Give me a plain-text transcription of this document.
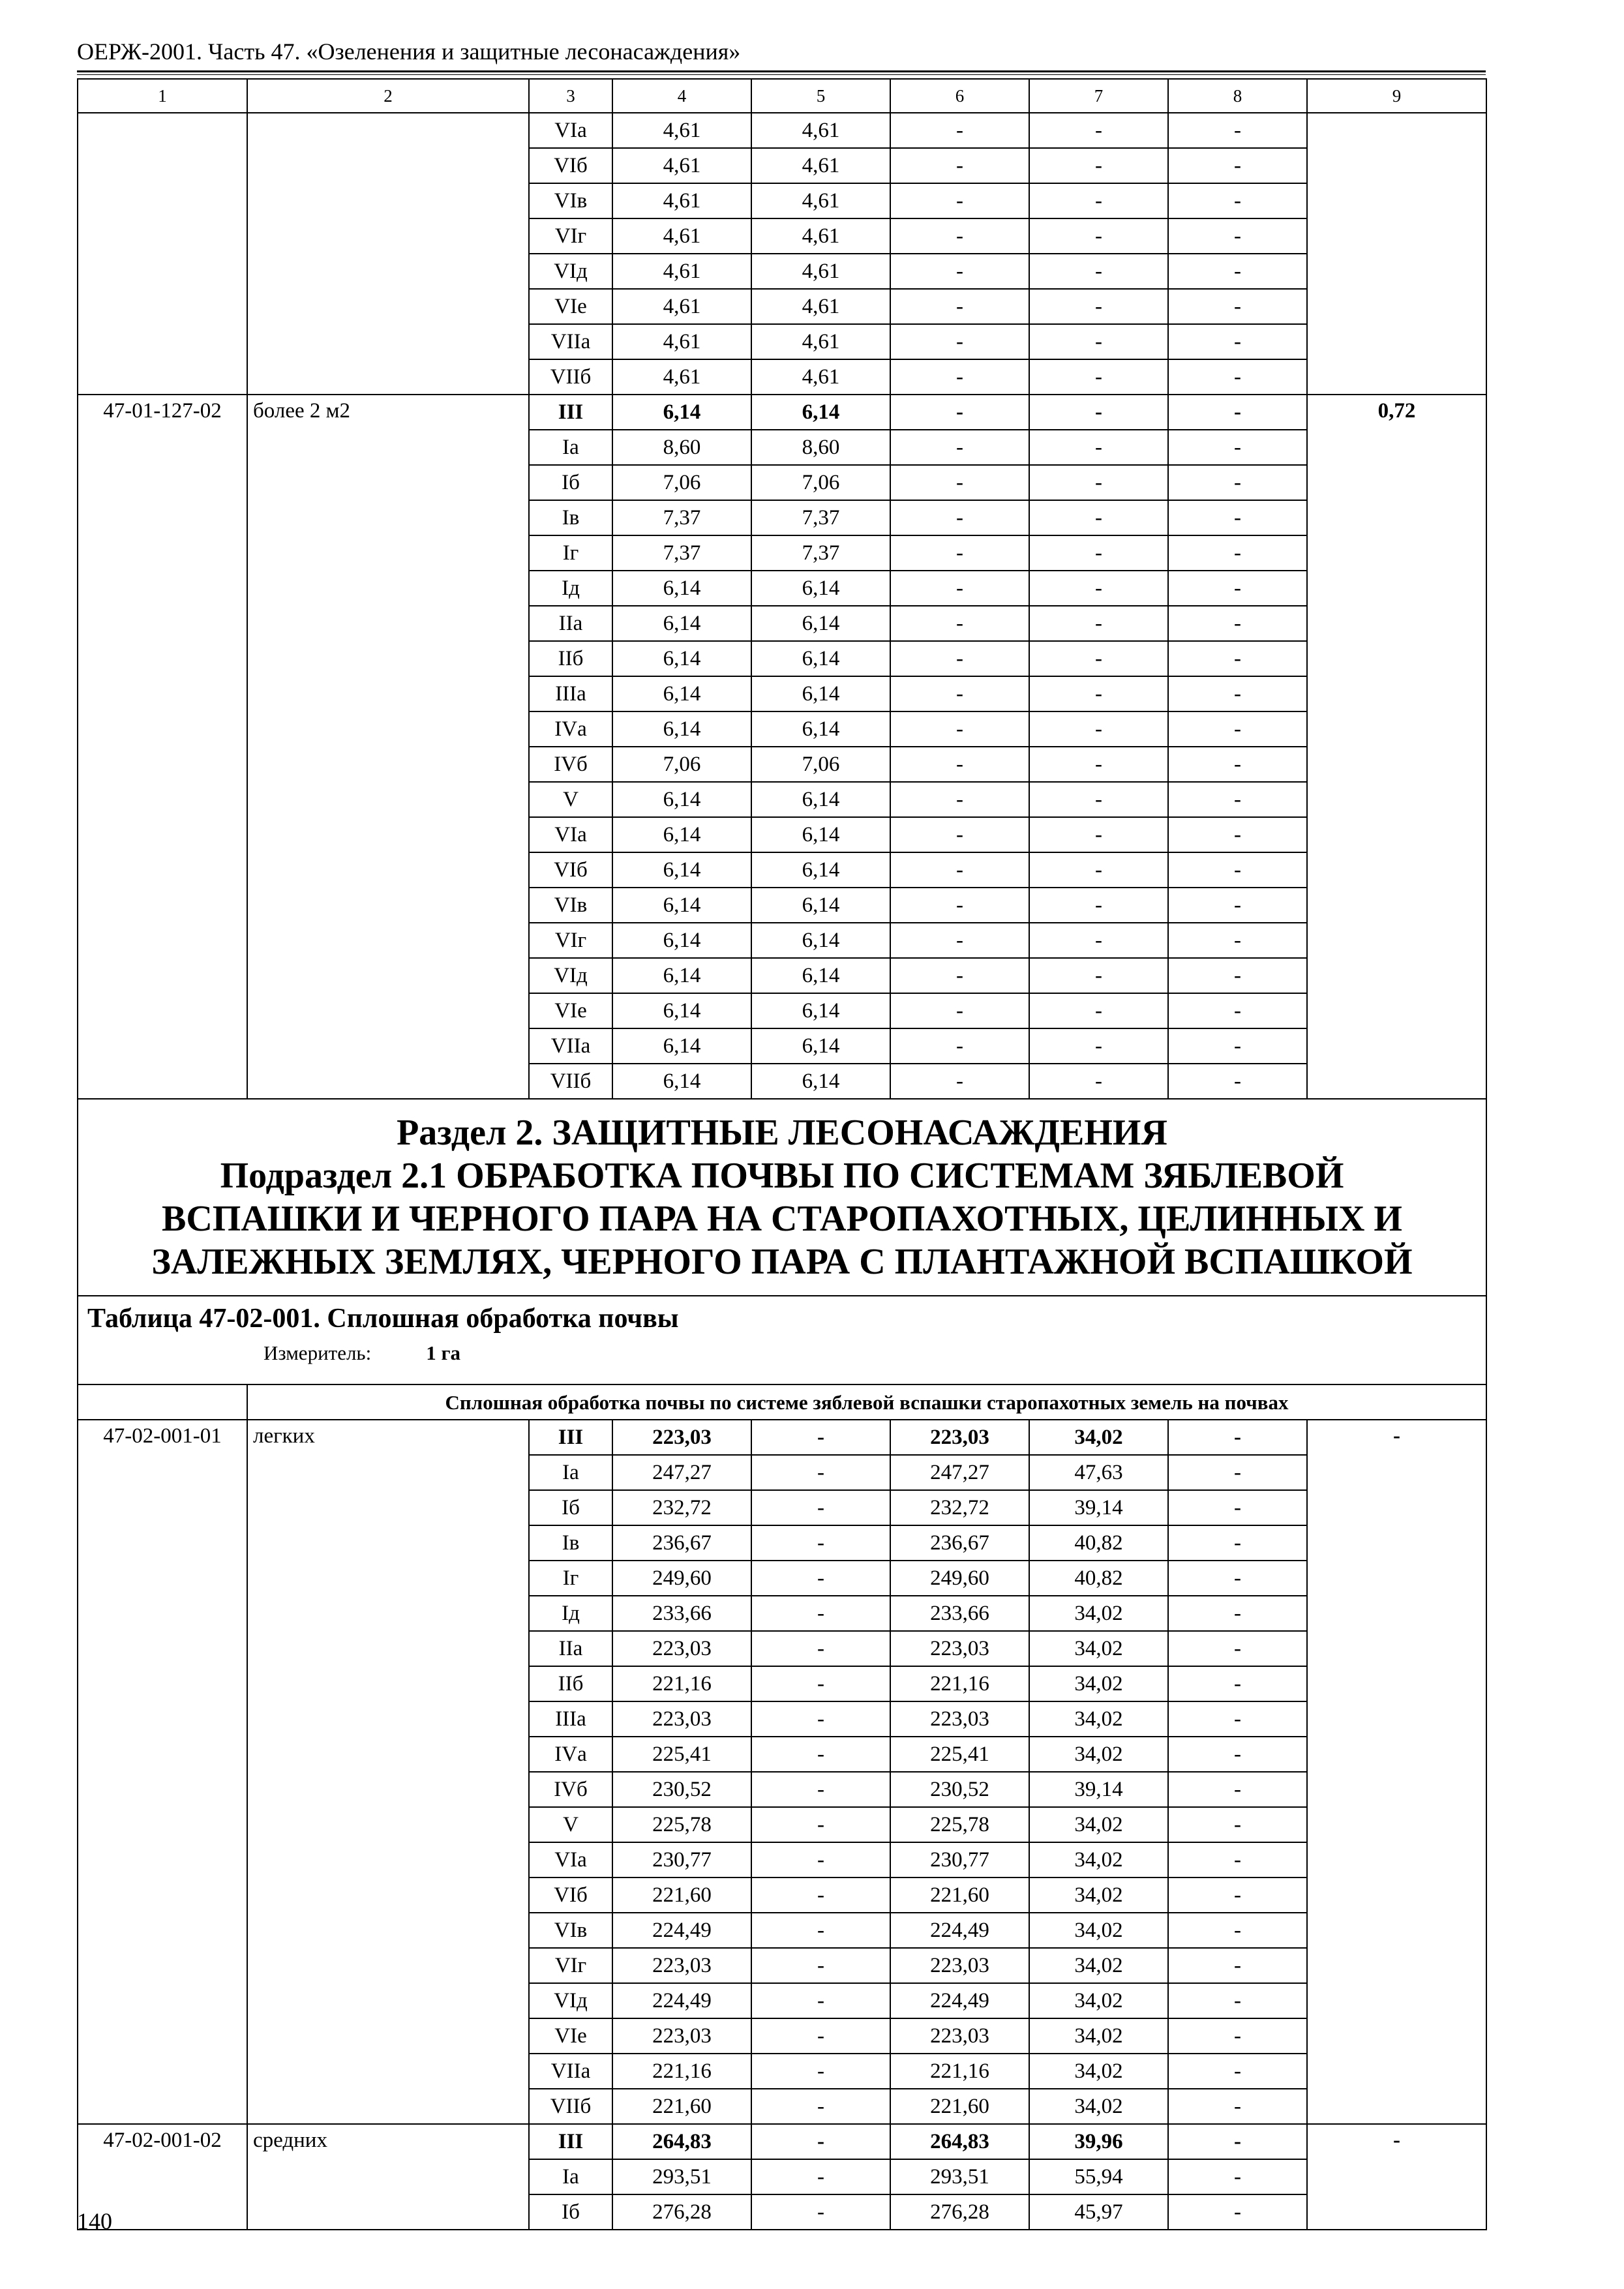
ОЕРЖ-2001. Часть 47. «Озеленения и защитные лесонасаждения»
1	2	3	4	5	6	7	8	9
		VIа	4,61	4,61	-	-	-	
		VIб	4,61	4,61	-	-	-	
		VIв	4,61	4,61	-	-	-	
		VIг	4,61	4,61	-	-	-	
		VIд	4,61	4,61	-	-	-	
		VIе	4,61	4,61	-	-	-	
		VIIа	4,61	4,61	-	-	-	
		VIIб	4,61	4,61	-	-	-	
47-01-127-02	более 2 м2	III	6,14	6,14	-	-	-	0,72
		Iа	8,60	8,60	-	-	-	
		Iб	7,06	7,06	-	-	-	
		Iв	7,37	7,37	-	-	-	
		Iг	7,37	7,37	-	-	-	
		Iд	6,14	6,14	-	-	-	
		IIа	6,14	6,14	-	-	-	
		IIб	6,14	6,14	-	-	-	
		IIIа	6,14	6,14	-	-	-	
		IVа	6,14	6,14	-	-	-	
		IVб	7,06	7,06	-	-	-	
		V	6,14	6,14	-	-	-	
		VIа	6,14	6,14	-	-	-	
		VIб	6,14	6,14	-	-	-	
		VIв	6,14	6,14	-	-	-	
		VIг	6,14	6,14	-	-	-	
		VIд	6,14	6,14	-	-	-	
		VIе	6,14	6,14	-	-	-	
		VIIа	6,14	6,14	-	-	-	
		VIIб	6,14	6,14	-	-	-	

Раздел 2. ЗАЩИТНЫЕ ЛЕСОНАСАЖДЕНИЯ
Подраздел 2.1 ОБРАБОТКА ПОЧВЫ ПО СИСТЕМАМ ЗЯБЛЕВОЙ
ВСПАШКИ И ЧЕРНОГО ПАРА НА СТАРОПАХОТНЫХ, ЦЕЛИННЫХ И
ЗАЛЕЖНЫХ ЗЕМЛЯХ, ЧЕРНОГО ПАРА С ПЛАНТАЖНОЙ ВСПАШКОЙ								

Таблица 47-02-001. Сплошная обработка почвы
Измеритель: 1 га								

	Сплошная обработка почвы по системе зяблевой вспашки старопахотных земель на почвах							
47-02-001-01	легких	III	223,03	-	223,03	34,02	-	-
		Iа	247,27	-	247,27	47,63	-	
		Iб	232,72	-	232,72	39,14	-	
		Iв	236,67	-	236,67	40,82	-	
		Iг	249,60	-	249,60	40,82	-	
		Iд	233,66	-	233,66	34,02	-	
		IIа	223,03	-	223,03	34,02	-	
		IIб	221,16	-	221,16	34,02	-	
		IIIа	223,03	-	223,03	34,02	-	
		IVа	225,41	-	225,41	34,02	-	
		IVб	230,52	-	230,52	39,14	-	
		V	225,78	-	225,78	34,02	-	
		VIа	230,77	-	230,77	34,02	-	
		VIб	221,60	-	221,60	34,02	-	
		VIв	224,49	-	224,49	34,02	-	
		VIг	223,03	-	223,03	34,02	-	
		VIд	224,49	-	224,49	34,02	-	
		VIе	223,03	-	223,03	34,02	-	
		VIIа	221,16	-	221,16	34,02	-	
		VIIб	221,60	-	221,60	34,02	-	
47-02-001-02	средних	III	264,83	-	264,83	39,96	-	-
		Iа	293,51	-	293,51	55,94	-	
		Iб	276,28	-	276,28	45,97	-	
140
